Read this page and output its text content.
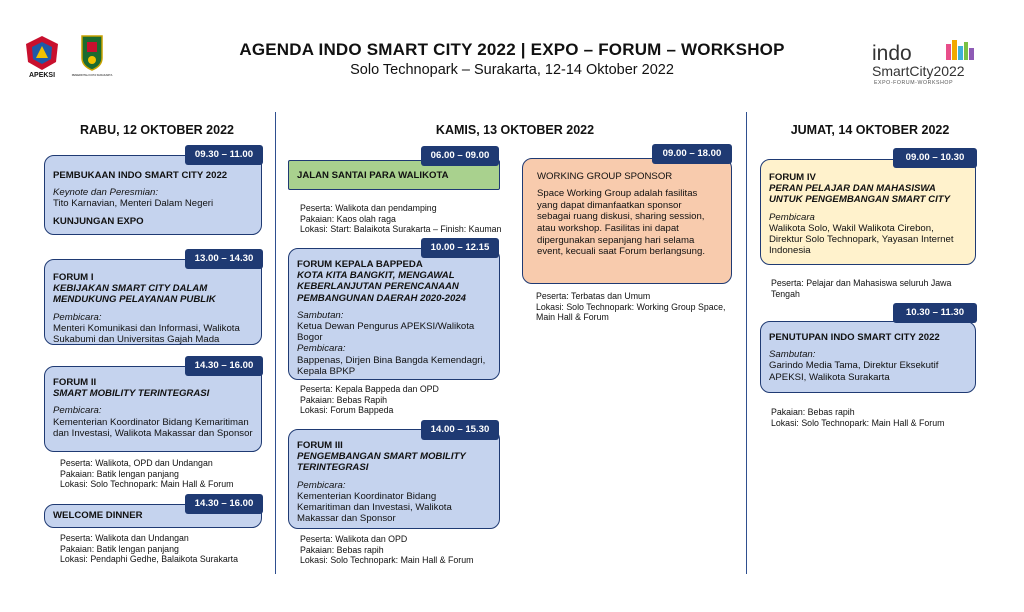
APEKSI	PEMERINTAH KOTA SURAKARTA
indo
SmartCity2022
EXPO-FORUM-WORKSHOP
AGENDA INDO SMART CITY 2022 | EXPO – FORUM – WORKSHOP
Solo Technopark – Surakarta, 12-14 Oktober 2022
RABU, 12 OKTOBER 2022	KAMIS, 13 OKTOBER 2022	JUMAT, 14 OKTOBER 2022
PEMBUKAAN INDO SMART CITY 2022
Keynote dan Peresmian:
Tito Karnavian, Menteri Dalam Negeri
KUNJUNGAN EXPO
09.30 – 11.00
FORUM I
KEBIJAKAN SMART CITY DALAM MENDUKUNG PELAYANAN PUBLIK
Pembicara:
Menteri Komunikasi dan Informasi, Walikota Sukabumi dan Universitas Gajah Mada
13.00 – 14.30
FORUM II
SMART MOBILITY TERINTEGRASI
Pembicara:
Kementerian Koordinator Bidang Kemaritiman dan Investasi, Walikota Makassar dan Sponsor
14.30 – 16.00
Peserta: Walikota, OPD dan Undangan
Pakaian: Batik lengan panjang
Lokasi: Solo Technopark: Main Hall & Forum
WELCOME DINNER
14.30 – 16.00
Peserta: Walikota dan Undangan
Pakaian: Batik lengan panjang
Lokasi: Pendaphi Gedhe, Balaikota Surakarta
JALAN SANTAI PARA WALIKOTA
06.00 – 09.00
Peserta: Walikota dan pendamping
Pakaian: Kaos olah raga
Lokasi: Start: Balaikota Surakarta – Finish: Kauman
FORUM KEPALA BAPPEDA
KOTA KITA BANGKIT, MENGAWAL KEBERLANJUTAN PERENCANAAN PEMBANGUNAN DAERAH 2020-2024
Sambutan:
Ketua Dewan Pengurus APEKSI/Walikota Bogor
Pembicara:
Bappenas, Dirjen Bina Bangda Kemendagri, Kepala BPKP
10.00 – 12.15
Peserta: Kepala Bappeda dan OPD
Pakaian: Bebas Rapih
Lokasi: Forum Bappeda
FORUM III
PENGEMBANGAN SMART MOBILITY TERINTEGRASI
Pembicara:
Kementerian Koordinator Bidang Kemaritiman dan Investasi, Walikota Makassar dan Sponsor
14.00 – 15.30
Peserta: Walikota dan OPD
Pakaian: Bebas rapih
Lokasi: Solo Technopark: Main Hall & Forum
WORKING GROUP SPONSOR
Space Working Group adalah fasilitas yang dapat dimanfaatkan sponsor sebagai ruang diskusi, sharing session, atau workshop. Fasilitas ini dapat dipergunakan sepanjang hari selama event, kecuali saat Forum berlangsung.
09.00 – 18.00
Peserta: Terbatas dan Umum
Lokasi: Solo Technopark: Working Group Space, Main Hall & Forum
FORUM IV
PERAN PELAJAR DAN MAHASISWA UNTUK PENGEMBANGAN SMART CITY
Pembicara
Walikota Solo, Wakil Walikota Cirebon, Direktur Solo Technopark, Yayasan Internet Indonesia
09.00 – 10.30
Peserta: Pelajar dan Mahasiswa seluruh Jawa Tengah
PENUTUPAN INDO SMART CITY 2022
Sambutan:
Garindo Media Tama, Direktur Eksekutif APEKSI, Walikota Surakarta
10.30 – 11.30
Pakaian: Bebas rapih
Lokasi: Solo Technopark: Main Hall & Forum
